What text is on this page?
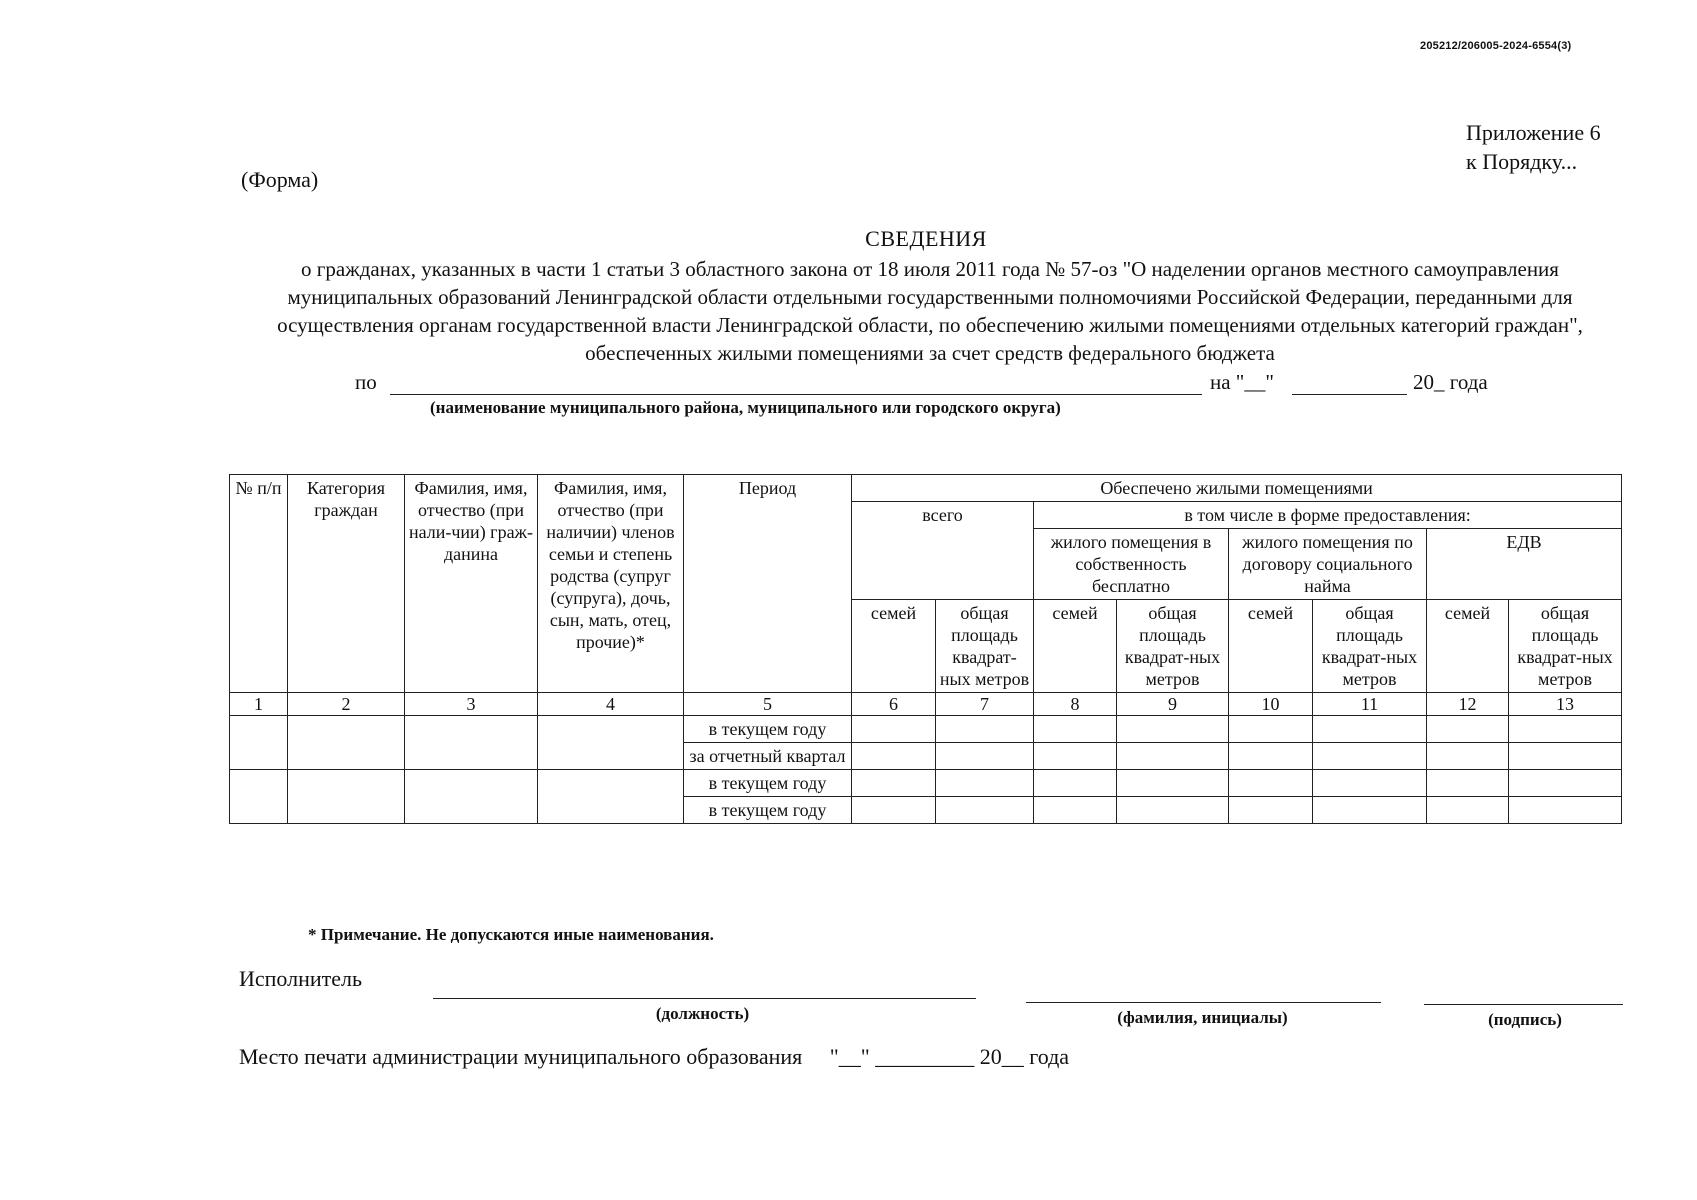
205212/206005-2024-6554(3)
Приложение 6
к Порядку...
(Форма)
СВЕДЕНИЯ
о гражданах, указанных в части 1 статьи 3 областного закона от 18 июля 2011 года № 57-оз "О наделении органов местного самоуправления муниципальных образований Ленинградской области отдельными государственными полномочиями Российской Федерации, переданными для осуществления органам государственной власти Ленинградской области, по обеспечению жилыми помещениями отдельных категорий граждан", обеспеченных жилыми помещениями за счет средств федерального бюджета
по	на "__"	20_ года
(наименование муниципального района, муниципального или городского округа)
№ п/п	Категория граждан	Фамилия, имя, отчество (при нали-чии) граж-данина	Фамилия, имя, отчество (при наличии) членов семьи и степень родства (супруг (супруга), дочь, сын, мать, отец, прочие)*	Период	Обеспечено жилыми помещениями							
					всего		в том числе в форме предоставления:					
							жилого помещения в собственность бесплатно		жилого помещения по договору социального найма		ЕДВ	
					семей	общая площадь квадрат-ных метров	семей	общая площадь квадрат-ных метров	семей	общая площадь квадрат-ных метров	семей	общая площадь квадрат-ных метров
1	2	3	4	5	6	7	8	9	10	11	12	13
				в текущем году								
				за отчетный квартал								
				в текущем году								
				в текущем году								
* Примечание. Не допускаются иные наименования.
Исполнитель
(должность)	(фамилия, инициалы)	(подпись)
Место печати администрации муниципального образования     "__" _________ 20__ года
